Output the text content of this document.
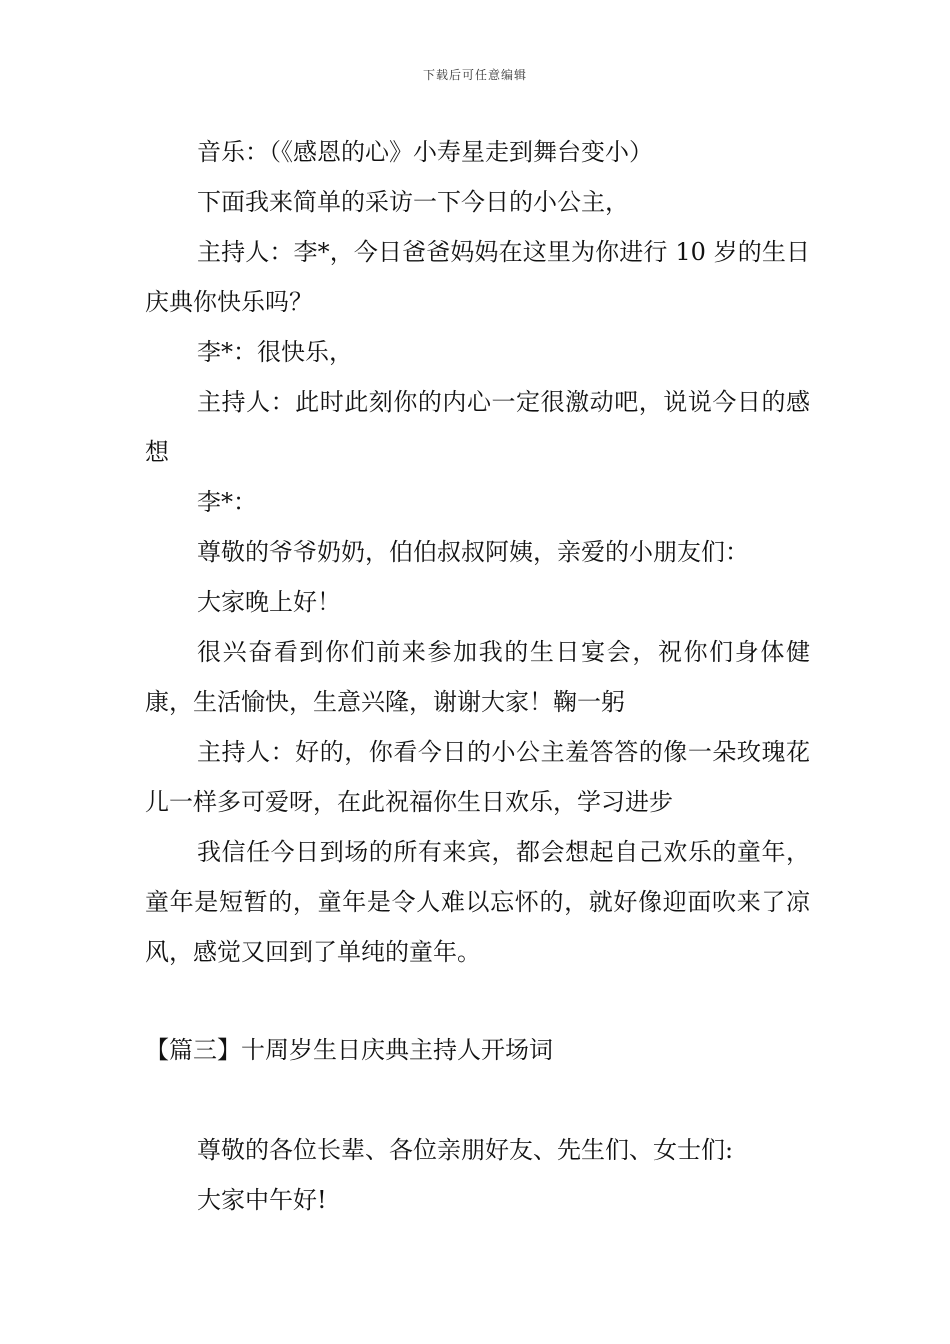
下载后可任意编辑

音乐：（《感恩的心》小寿星走到舞台变小）

下面我来简单的采访一下今日的小公主，

主持人：李*，今日爸爸妈妈在这里为你进行 10 岁的生日庆典你快乐吗？

李*：很快乐，

主持人：此时此刻你的内心一定很激动吧，说说今日的感想

李*：

尊敬的爷爷奶奶，伯伯叔叔阿姨，亲爱的小朋友们：

大家晚上好！

很兴奋看到你们前来参加我的生日宴会，祝你们身体健康，生活愉快，生意兴隆，谢谢大家！鞠一躬

主持人：好的，你看今日的小公主羞答答的像一朵玫瑰花儿一样多可爱呀，在此祝福你生日欢乐，学习进步

我信任今日到场的所有来宾，都会想起自己欢乐的童年，童年是短暂的，童年是令人难以忘怀的，就好像迎面吹来了凉风，感觉又回到了单纯的童年。

【篇三】十周岁生日庆典主持人开场词

尊敬的各位长辈、各位亲朋好友、先生们、女士们:

大家中午好!
